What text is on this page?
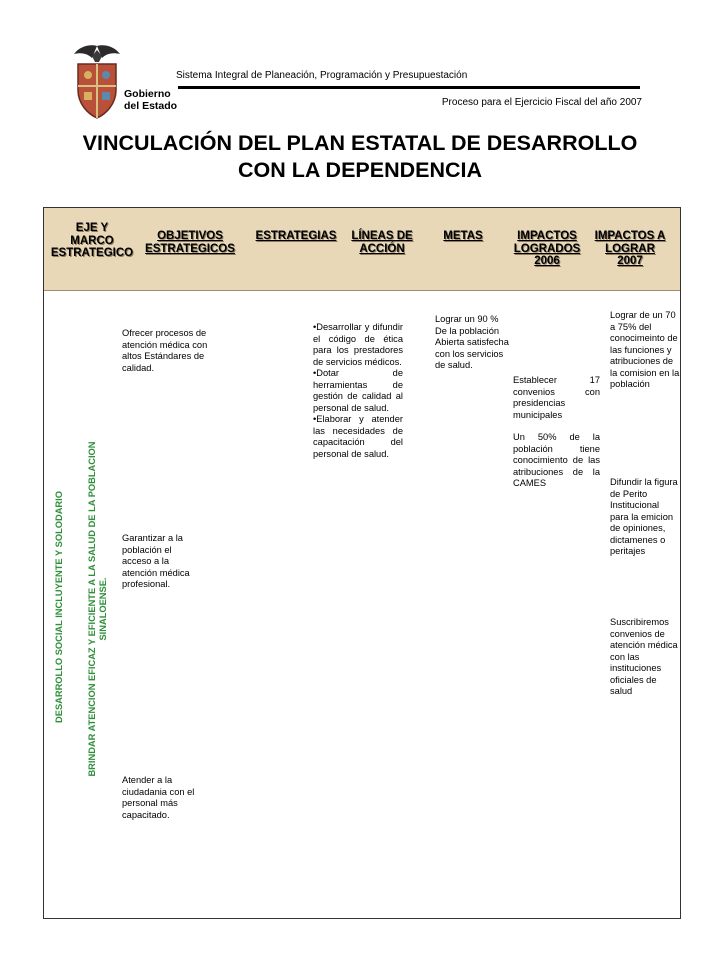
Gobierno
del Estado
Sistema Integral de Planeación, Programación y Presupuestación
Proceso para el Ejercicio Fiscal del año 2007
VINCULACIÓN DEL PLAN ESTATAL DE DESARROLLO
CON LA DEPENDENCIA
EJE Y
MARCO
ESTRATEGICO
OBJETIVOS
ESTRATEGICOS
ESTRATEGIAS	LÍNEAS DE
ACCIÓN
METAS	IMPACTOS
LOGRADOS
2006
IMPACTOS A
LOGRAR
2007
DESARROLLO SOCIAL INCLUYENTE Y SOLODARIO BRINDAR ATENCION EFICAZ Y EFICIENTE A LA SALUD DE LA POBLACION SINALOENSE.
Ofrecer procesos de atención médica con altos Estándares de calidad.
Garantizar a la población el acceso a la atención médica profesional.
Atender a la ciudadania con el personal más capacitado.

•Desarrollar y difundir el código de ética para los prestadores de servicios médicos.

•Dotar de herramientas de gestión de calidad al personal de salud.

•Elaborar y atender las necesidades de capacitación del personal de salud.

Lograr un 90 % De la población Abierta satisfecha con los servicios de salud.

Establecer 17 convenios con presidencias municipales

Un 50% de la población tiene conocimiento de las atribuciones de la CAMES

Lograr de un 70 a 75% del conocimeinto de las funciones y atribuciones de la comision en la población
Difundir la figura de Perito Institucional para la emicion de opiniones, dictamenes o peritajes
Suscribiremos convenios de atención médica con las instituciones oficiales de salud
